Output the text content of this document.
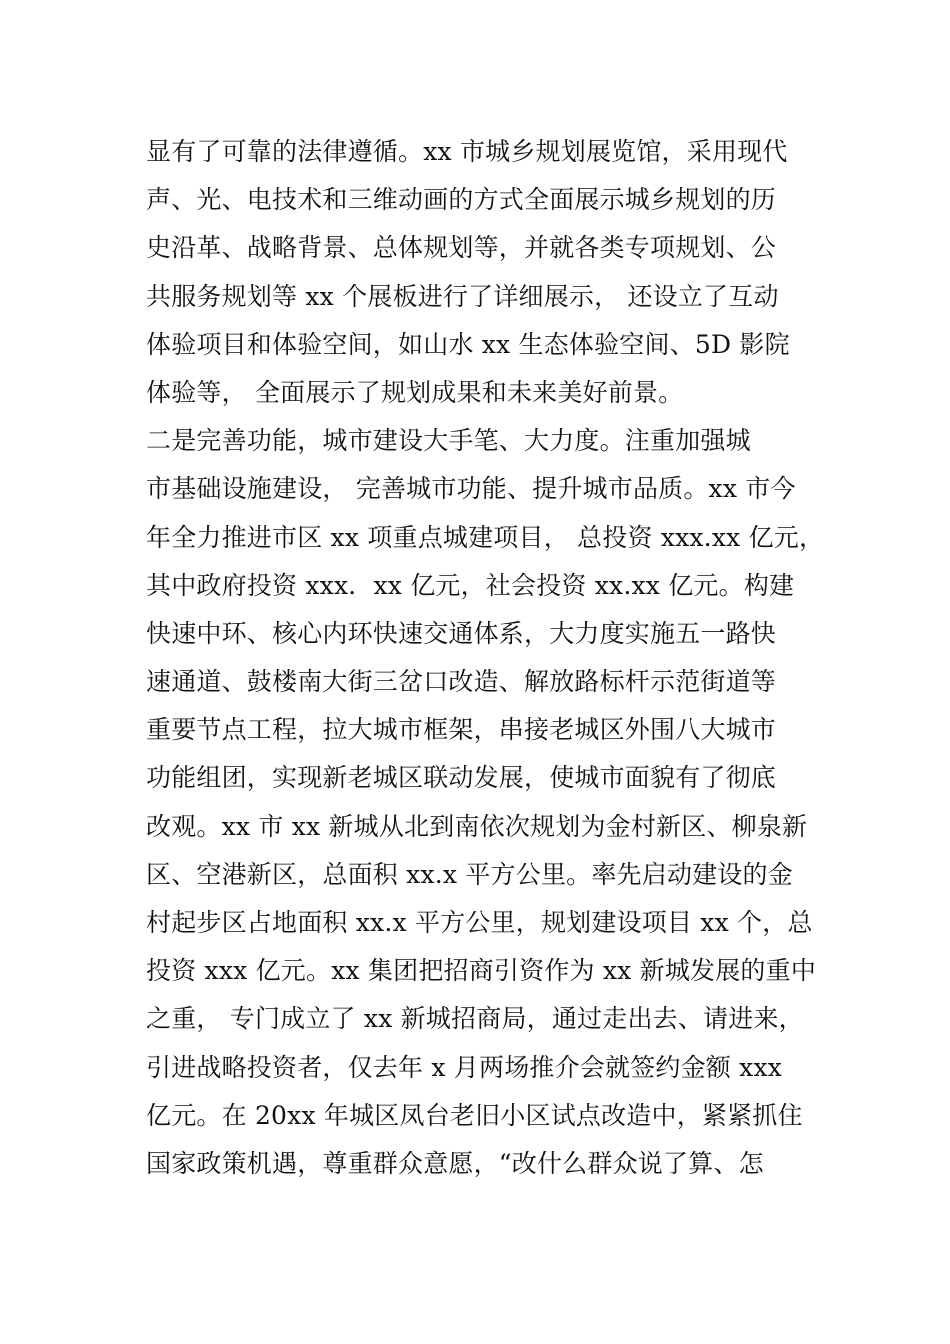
显有了可靠的法律遵循。xx 市城乡规划展览馆，采用现代
声、光、电技术和三维动画的方式全面展示城乡规划的历
史沿革、战略背景、总体规划等，并就各类专项规划、公
共服务规划等 xx 个展板进行了详细展示， 还设立了互动
体验项目和体验空间，如山水 xx 生态体验空间、5D 影院
体验等， 全面展示了规划成果和未来美好前景。
二是完善功能，城市建设大手笔、大力度。注重加强城
市基础设施建设， 完善城市功能、提升城市品质。xx 市今
年全力推进市区 xx 项重点城建项目， 总投资 xxx.xx 亿元，
其中政府投资 xxx．xx 亿元，社会投资 xx.xx 亿元。构建
快速中环、核心内环快速交通体系，大力度实施五一路快
速通道、鼓楼南大街三岔口改造、解放路标杆示范街道等
重要节点工程，拉大城市框架，串接老城区外围八大城市
功能组团，实现新老城区联动发展，使城市面貌有了彻底
改观。xx 市 xx 新城从北到南依次规划为金村新区、柳泉新
区、空港新区，总面积 xx.x 平方公里。率先启动建设的金
村起步区占地面积 xx.x 平方公里，规划建设项目 xx 个，总
投资 xxx 亿元。xx 集团把招商引资作为 xx 新城发展的重中
之重， 专门成立了 xx 新城招商局，通过走出去、请进来，
引进战略投资者，仅去年 x 月两场推介会就签约金额 xxx
亿元。在 20xx 年城区凤台老旧小区试点改造中，紧紧抓住
国家政策机遇，尊重群众意愿，“改什么群众说了算、怎
